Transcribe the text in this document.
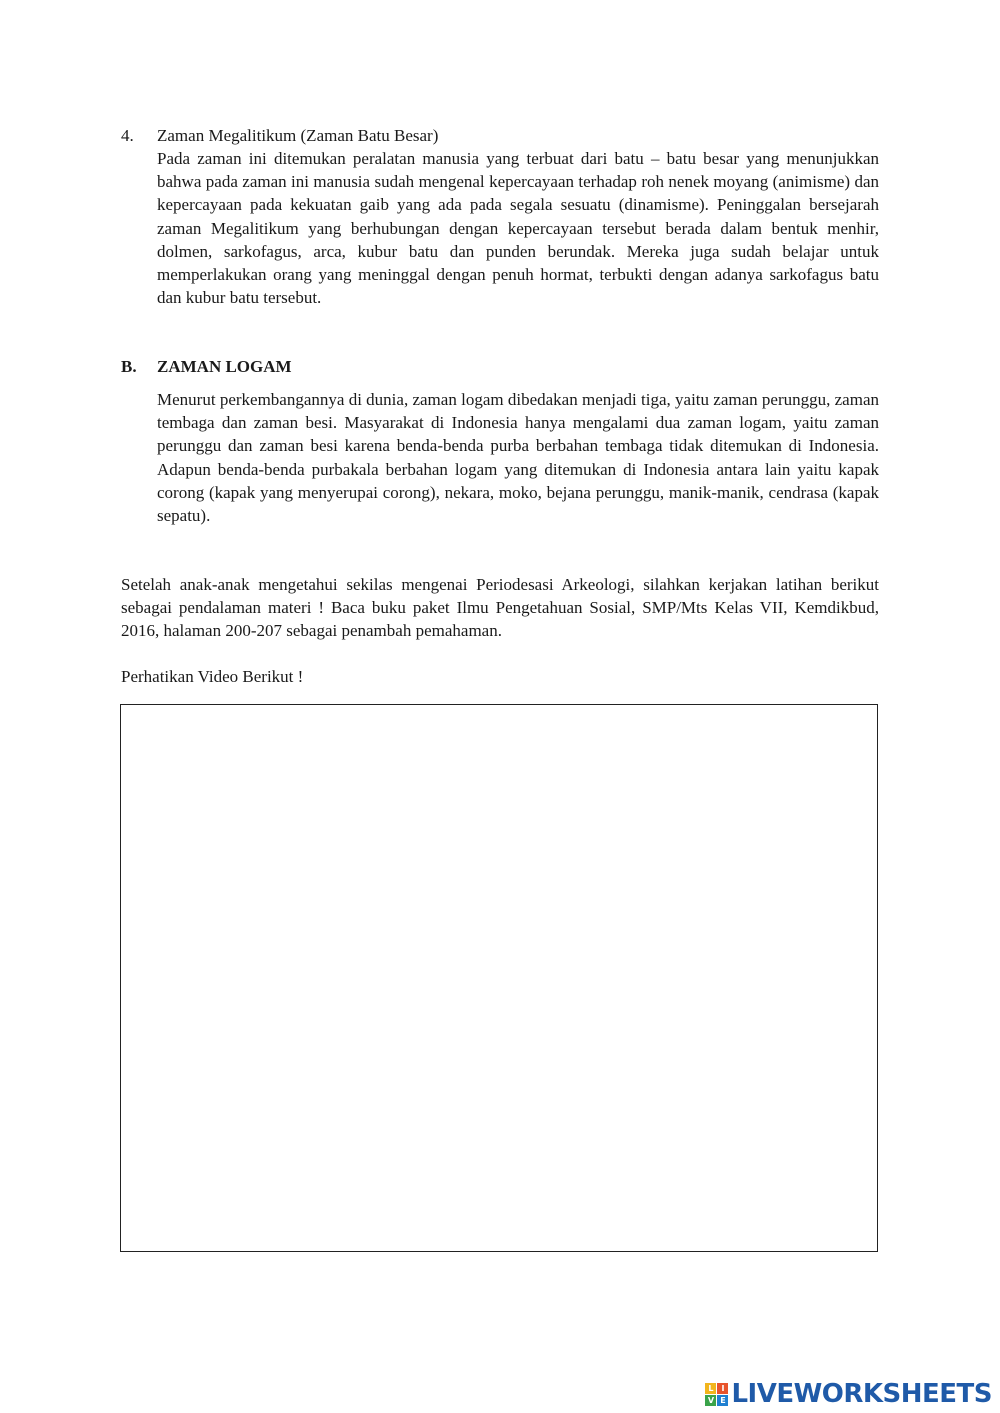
4. Zaman Megalitikum (Zaman Batu Besar)

Pada zaman ini ditemukan peralatan manusia yang terbuat dari batu – batu besar yang menunjukkan bahwa pada zaman ini manusia sudah mengenal kepercayaan terhadap roh nenek moyang (animisme) dan kepercayaan pada kekuatan gaib yang ada pada segala sesuatu (dinamisme). Peninggalan bersejarah zaman Megalitikum yang berhubungan dengan kepercayaan tersebut berada dalam bentuk menhir, dolmen, sarkofagus, arca, kubur batu dan punden berundak. Mereka juga sudah belajar untuk memperlakukan orang yang meninggal dengan penuh hormat, terbukti dengan adanya sarkofagus batu dan kubur batu tersebut.

B. ZAMAN LOGAM

Menurut perkembangannya di dunia, zaman logam dibedakan menjadi tiga, yaitu zaman perunggu, zaman tembaga dan zaman besi. Masyarakat di Indonesia hanya mengalami dua zaman logam, yaitu zaman perunggu dan zaman besi karena benda-benda purba berbahan tembaga tidak ditemukan di Indonesia. Adapun benda-benda purbakala berbahan logam yang ditemukan di Indonesia antara lain yaitu kapak corong (kapak yang menyerupai corong), nekara, moko, bejana perunggu, manik-manik, cendrasa (kapak sepatu).

Setelah anak-anak mengetahui sekilas mengenai Periodesasi Arkeologi, silahkan kerjakan latihan berikut sebagai pendalaman materi ! Baca buku paket Ilmu Pengetahuan Sosial, SMP/Mts Kelas VII, Kemdikbud, 2016, halaman 200-207 sebagai penambah pemahaman.

Perhatikan Video Berikut !

L I
V E LIVEWORKSHEETS
